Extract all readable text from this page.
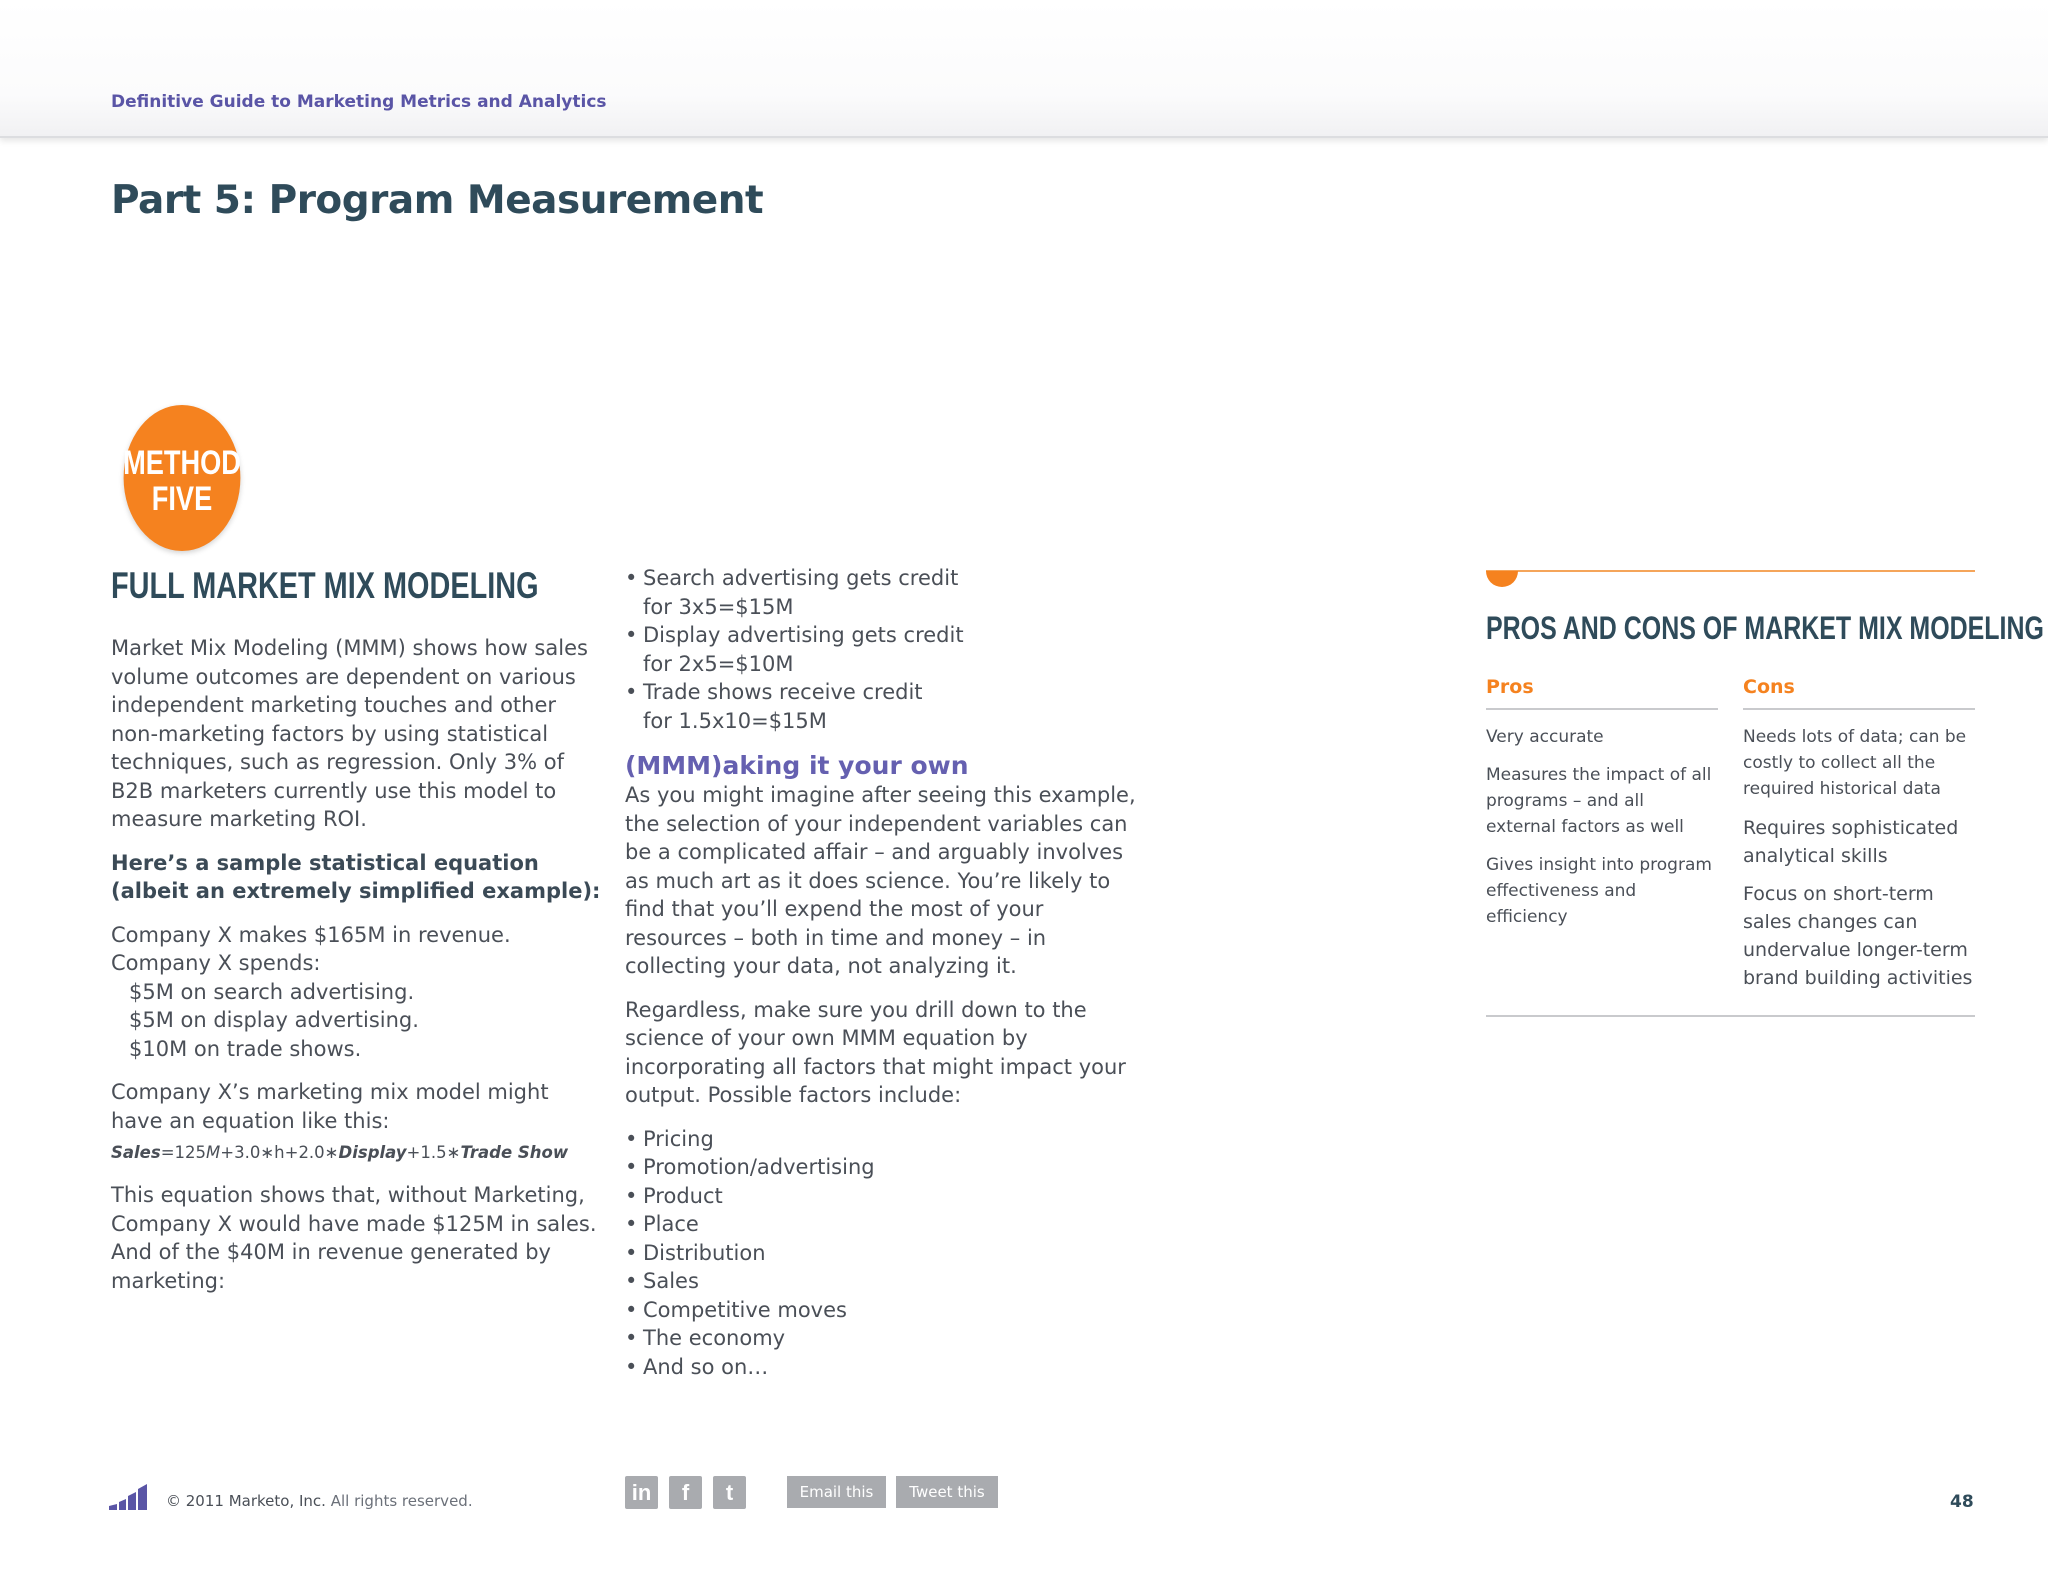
Definitive Guide to Marketing Metrics and Analytics
Part 5: Program Measurement
METHOD
FIVE
FULL MARKET MIX MODELING

Market Mix Modeling (MMM) shows how sales volume outcomes are dependent on various independent marketing touches and other non-marketing factors by using statistical techniques, such as regression. Only 3% of B2B marketers currently use this model to measure marketing ROI.

Here’s a sample statistical equation
(albeit an extremely simplified example):

Company X makes $165M in revenue.
Company X spends:

$5M on search advertising.
$5M on display advertising.
$10M on trade shows.

Company X’s marketing mix model might have an equation like this:

Sales=125M+3.0∗h+2.0∗Display+1.5∗Trade Show

This equation shows that, without Marketing, Company X would have made $125M in sales. And of the $40M in revenue generated by marketing:

• Search advertising gets credit
for 3x5=$15M
• Display advertising gets credit
for 2x5=$10M
• Trade shows receive credit
for 1.5x10=$15M
(MMM)aking it your own

As you might imagine after seeing this example, the selection of your independent variables can be a complicated affair – and arguably involves as much art as it does science. You’re likely to find that you’ll expend the most of your resources – both in time and money – in collecting your data, not analyzing it.

Regardless, make sure you drill down to the science of your own MMM equation by incorporating all factors that might impact your output. Possible factors include:

• Pricing
• Promotion/advertising
• Product
• Place
• Distribution
• Sales
• Competitive moves
• The economy
• And so on…
PROS AND CONS OF MARKET MIX MODELING
Pros
Very accurate
Measures the impact of all programs – and all external factors as well
Gives insight into program effectiveness and efficiency
Cons
Needs lots of data; can be costly to collect all the required historical data
Requires sophisticated analytical skills
Focus on short-term sales changes can undervalue longer-term brand building activities
© 2011 Marketo, Inc. All rights reserved.	in	f	t	Email this	Tweet this	48
